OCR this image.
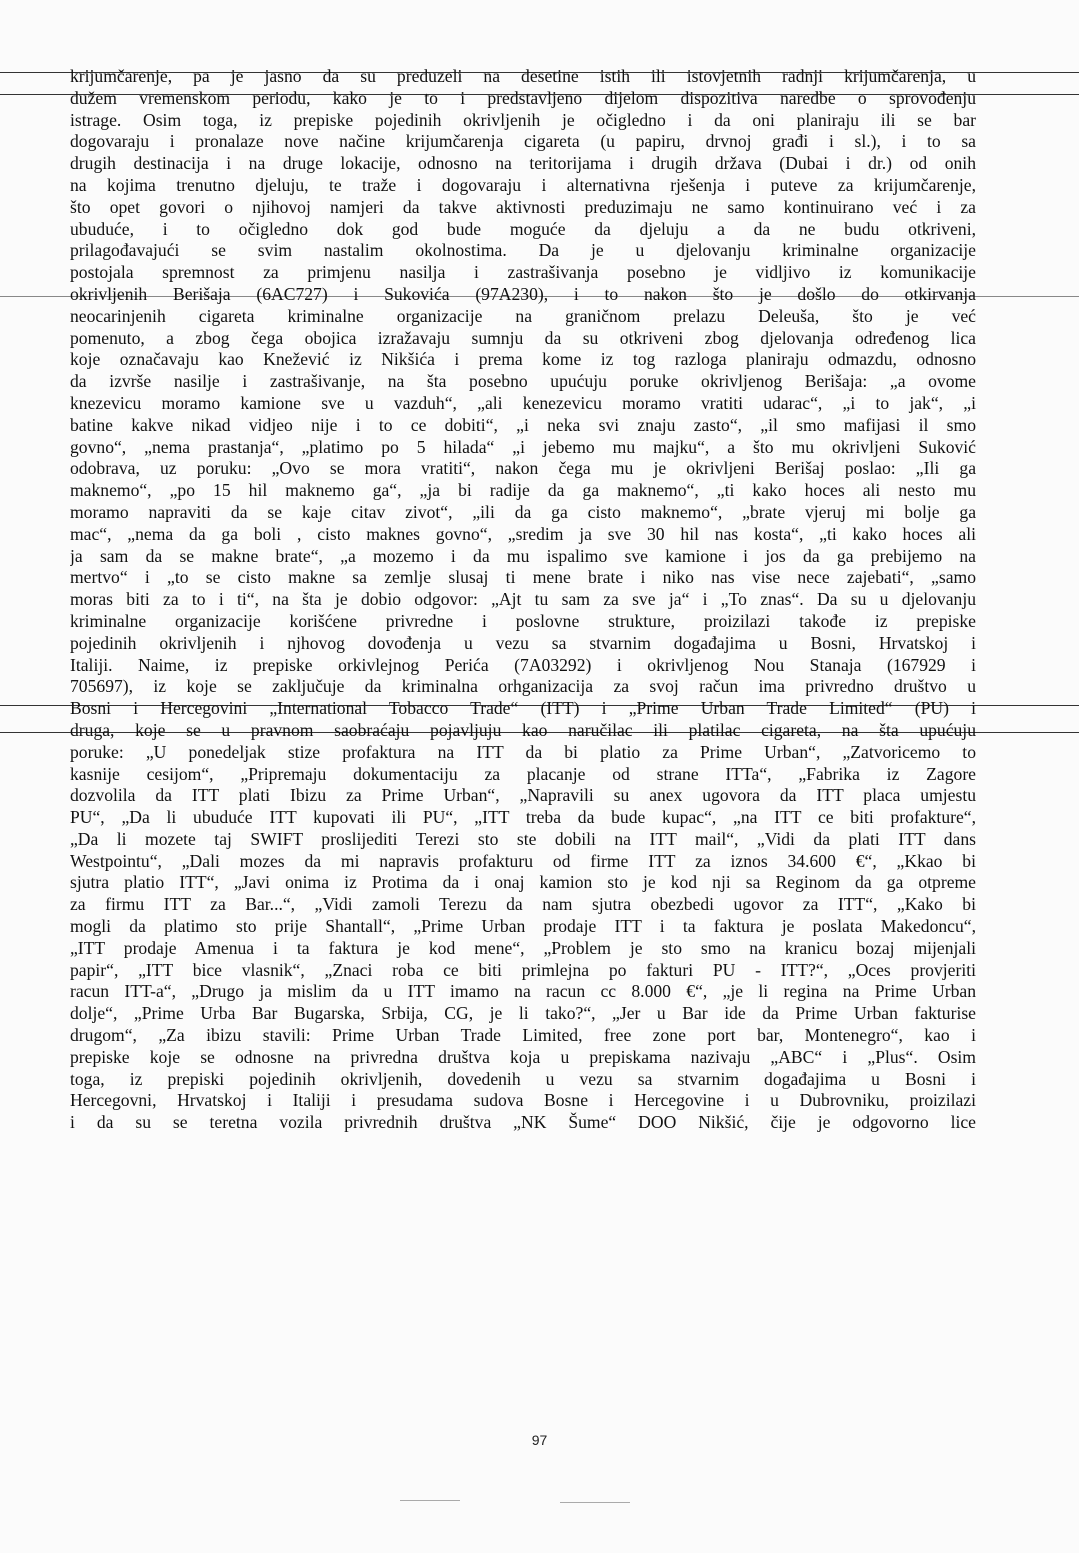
krijumčarenje, pa je jasno da su preduzeli na desetine istih ili istovjetnih radnji krijumčarenja, u
dužem vremenskom periodu, kako je to i predstavljeno dijelom dispozitiva naredbe o sprovođenju
istrage. Osim toga, iz prepiske pojedinih okrivljenih je očigledno i da oni planiraju ili se bar
dogovaraju i pronalaze nove načine krijumčarenja cigareta (u papiru, drvnoj građi i sl.), i to sa
drugih destinacija i na druge lokacije, odnosno na teritorijama i drugih država (Dubai i dr.) od onih
na kojima trenutno djeluju, te traže i dogovaraju i alternativna rješenja i puteve za krijumčarenje,
što opet govori o njihovoj namjeri da takve aktivnosti preduzimaju ne samo kontinuirano već i za
ubuduće, i to očigledno dok god bude moguće da djeluju a da ne budu otkriveni,
prilagođavajući se svim nastalim okolnostima. Da je u djelovanju kriminalne organizacije
postojala spremnost za primjenu nasilja i zastrašivanja posebno je vidljivo iz komunikacije
okrivljenih Berišaja (6AC727) i Sukovića (97A230), i to nakon što je došlo do otkirvanja
neocarinjenih cigareta kriminalne organizacije na graničnom prelazu Deleuša, što je već
pomenuto, a zbog čega obojica izražavaju sumnju da su otkriveni zbog djelovanja određenog lica
koje označavaju kao Knežević iz Nikšića i prema kome iz tog razloga planiraju odmazdu, odnosno
da izvrše nasilje i zastrašivanje, na šta posebno upućuju poruke okrivljenog Berišaja: „a ovome
knezevicu moramo kamione sve u vazduh“, „ali kenezevicu moramo vratiti udarac“, „i to jak“, „i
batine kakve nikad vidjeo nije i to ce dobiti“, „i neka svi znaju zasto“, „il smo mafijasi il smo
govno“, „nema prastanja“, „platimo po 5 hilada“ „i jebemo mu majku“, a što mu okrivljeni Suković
odobrava, uz poruku: „Ovo se mora vratiti“, nakon čega mu je okrivljeni Berišaj poslao: „Ili ga
maknemo“, „po 15 hil maknemo ga“, „ja bi radije da ga maknemo“, „ti kako hoces ali nesto mu
moramo napraviti da se kaje citav zivot“, „ili da ga cisto maknemo“, „brate vjeruj mi bolje ga
mac“, „nema da ga boli , cisto maknes govno“, „sredim ja sve 30 hil nas kosta“, „ti kako hoces ali
ja sam da se makne brate“, „a mozemo i da mu ispalimo sve kamione i jos da ga prebijemo na
mertvo“ i „to se cisto makne sa zemlje slusaj ti mene brate i niko nas vise nece zajebati“, „samo
moras biti za to i ti“, na šta je dobio odgovor: „Ajt tu sam za sve ja“ i „To znas“. Da su u djelovanju
kriminalne organizacije korišćene privredne i poslovne strukture, proizilazi takođe iz prepiske
pojedinih okrivljenih i njhovog dovođenja u vezu sa stvarnim događajima u Bosni, Hrvatskoj i
Italiji. Naime, iz prepiske orkivlejnog Perića (7A03292) i okrivljenog Nou Stanaja (167929 i
705697), iz koje se zaključuje da kriminalna orhganizacija za svoj račun ima privredno društvo u
Bosni i Hercegovini „International Tobacco Trade“ (ITT) i „Prime Urban Trade Limited“ (PU) i
druga, koje se u pravnom saobraćaju pojavljuju kao naručilac ili platilac cigareta, na šta upućuju
poruke: „U ponedeljak stize profaktura na ITT da bi platio za Prime Urban“, „Zatvoricemo to
kasnije cesijom“, „Pripremaju dokumentaciju za placanje od strane ITTa“, „Fabrika iz Zagore
dozvolila da ITT plati Ibizu za Prime Urban“, „Napravili su anex ugovora da ITT placa umjestu
PU“, „Da li ubuduće ITT kupovati ili PU“, „ITT treba da bude kupac“, „na ITT ce biti profakture“,
„Da li mozete taj SWIFT proslijediti Terezi sto ste dobili na ITT mail“, „Vidi da plati ITT dans
Westpointu“, „Dali mozes da mi napravis profakturu od firme ITT za iznos 34.600 €“, „Kkao bi
sjutra platio ITT“, „Javi onima iz Protima da i onaj kamion sto je kod nji sa Reginom da ga otpreme
za firmu ITT za Bar...“, „Vidi zamoli Terezu da nam sjutra obezbedi ugovor za ITT“, „Kako bi
mogli da platimo sto prije Shantall“, „Prime Urban prodaje ITT i ta faktura je poslata Makedoncu“,
„ITT prodaje Amenua i ta faktura je kod mene“, „Problem je sto smo na kranicu bozaj mijenjali
papir“, „ITT bice vlasnik“, „Znaci roba ce biti primlejna po fakturi PU - ITT?“, „Oces provjeriti
racun ITT-a“, „Drugo ja mislim da u ITT imamo na racun cc 8.000 €“, „je li regina na Prime Urban
dolje“, „Prime Urba Bar Bugarska, Srbija, CG, je li tako?“, „Jer u Bar ide da Prime Urban fakturise
drugom“, „Za ibizu stavili: Prime Urban Trade Limited, free zone port bar, Montenegro“, kao i
prepiske koje se odnosne na privredna društva koja u prepiskama nazivaju „ABC“ i „Plus“. Osim
toga, iz prepiski pojedinih okrivljenih, dovedenih u vezu sa stvarnim događajima u Bosni i
Hercegovni, Hrvatskoj i Italiji i presudama sudova Bosne i Hercegovine i u Dubrovniku, proizilazi
i da su se teretna vozila privrednih društva „NK Šume“ DOO Nikšić, čije je odgovorno lice
97
